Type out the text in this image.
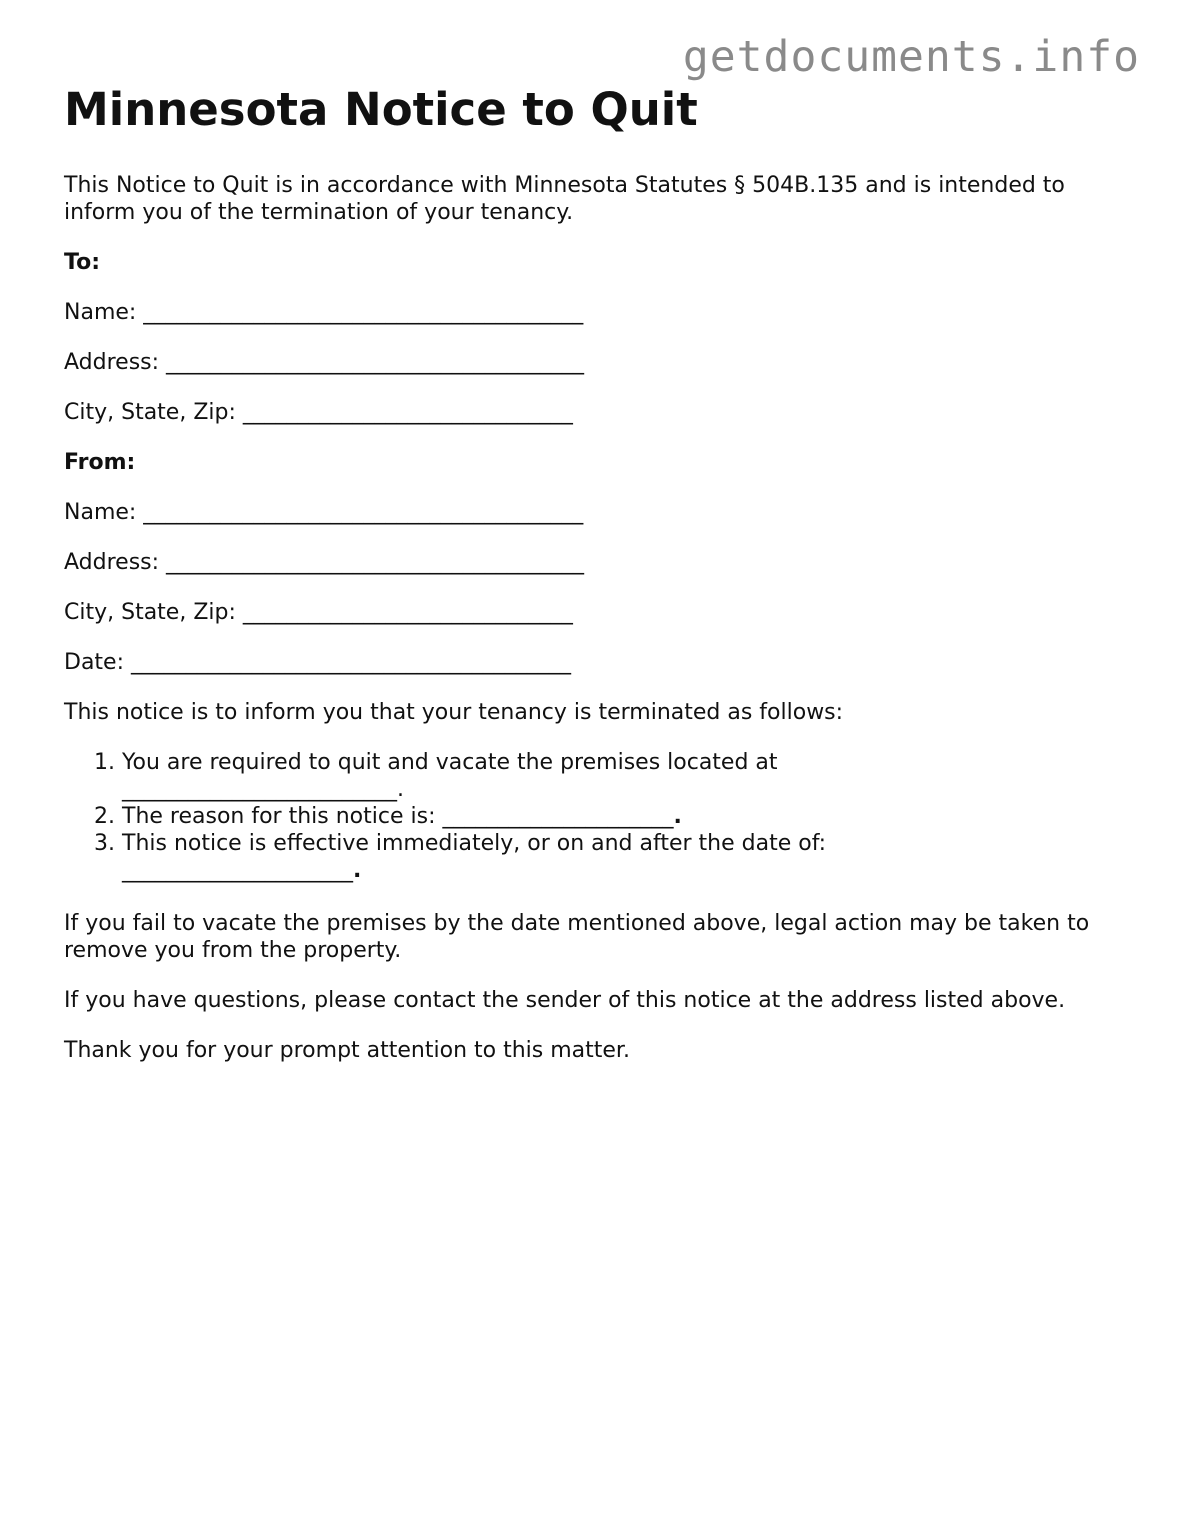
getdocuments.info
Minnesota Notice to Quit

This Notice to Quit is in accordance with Minnesota Statutes § 504B.135 and is intended to inform you of the termination of your tenancy.

To:

Name: ________________________________________

Address: ______________________________________

City, State, Zip: ______________________________

From:

Name: ________________________________________

Address: ______________________________________

City, State, Zip: ______________________________

Date: ________________________________________

This notice is to inform you that your tenancy is terminated as follows:

1. You are required to quit and vacate the premises located at
_________________________.
2. The reason for this notice is: _____________________.
3. This notice is effective immediately, or on and after the date of:
_____________________.

If you fail to vacate the premises by the date mentioned above, legal action may be taken to remove you from the property.

If you have questions, please contact the sender of this notice at the address listed above.

Thank you for your prompt attention to this matter.
